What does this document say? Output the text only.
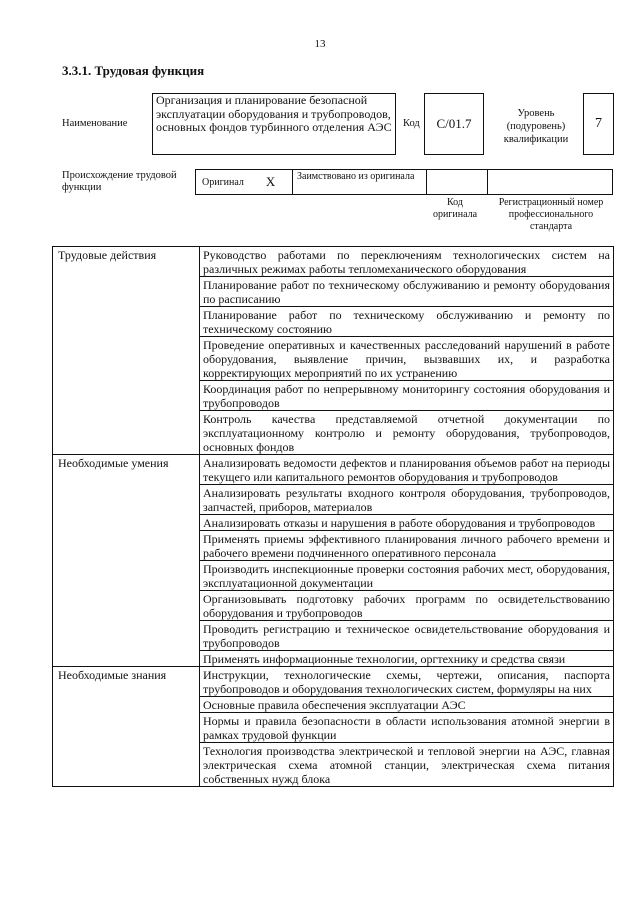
13
3.3.1. Трудовая функция
Наименование
Организация и планирование безопасной эксплуатации оборудования и трубопроводов, основных фондов турбинного отделения АЭС	Код C/01.7
Уровень (подуровень) квалификации
7
Происхождение трудовой функции	Оригинал X	Заимствовано из оригинала
Код оригинала
Регистрационный номер профессионального стандарта
Трудовые действия	Руководство работами по переключениям технологических систем на различных режимах работы тепломеханического оборудования
	Планирование работ по техническому обслуживанию и ремонту оборудования по расписанию
	Планирование работ по техническому обслуживанию и ремонту по техническому состоянию
	Проведение оперативных и качественных расследований нарушений в работе оборудования, выявление причин, вызвавших их, и разработка корректирующих мероприятий по их устранению
	Координация работ по непрерывному мониторингу состояния оборудования и трубопроводов
	Контроль качества представляемой отчетной документации по эксплуатационному контролю и ремонту оборудования, трубопроводов, основных фондов
Необходимые умения	Анализировать ведомости дефектов и планирования объемов работ на периоды текущего или капитального ремонтов оборудования и трубопроводов
	Анализировать результаты входного контроля оборудования, трубопроводов, запчастей, приборов, материалов
	Анализировать отказы и нарушения в работе оборудования и трубопроводов
	Применять приемы эффективного планирования личного рабочего времени и рабочего времени подчиненного оперативного персонала
	Производить инспекционные проверки состояния рабочих мест, оборудования, эксплуатационной документации
	Организовывать подготовку рабочих программ по освидетельствованию оборудования и трубопроводов
	Проводить регистрацию и техническое освидетельствование оборудования и трубопроводов
	Применять информационные технологии, оргтехнику и средства связи
Необходимые знания	Инструкции, технологические схемы, чертежи, описания, паспорта трубопроводов и оборудования технологических систем, формуляры на них
	Основные правила обеспечения эксплуатации АЭС
	Нормы и правила безопасности в области использования атомной энергии в рамках трудовой функции
	Технология производства электрической и тепловой энергии на АЭС, главная электрическая схема атомной станции, электрическая схема питания собственных нужд блока
